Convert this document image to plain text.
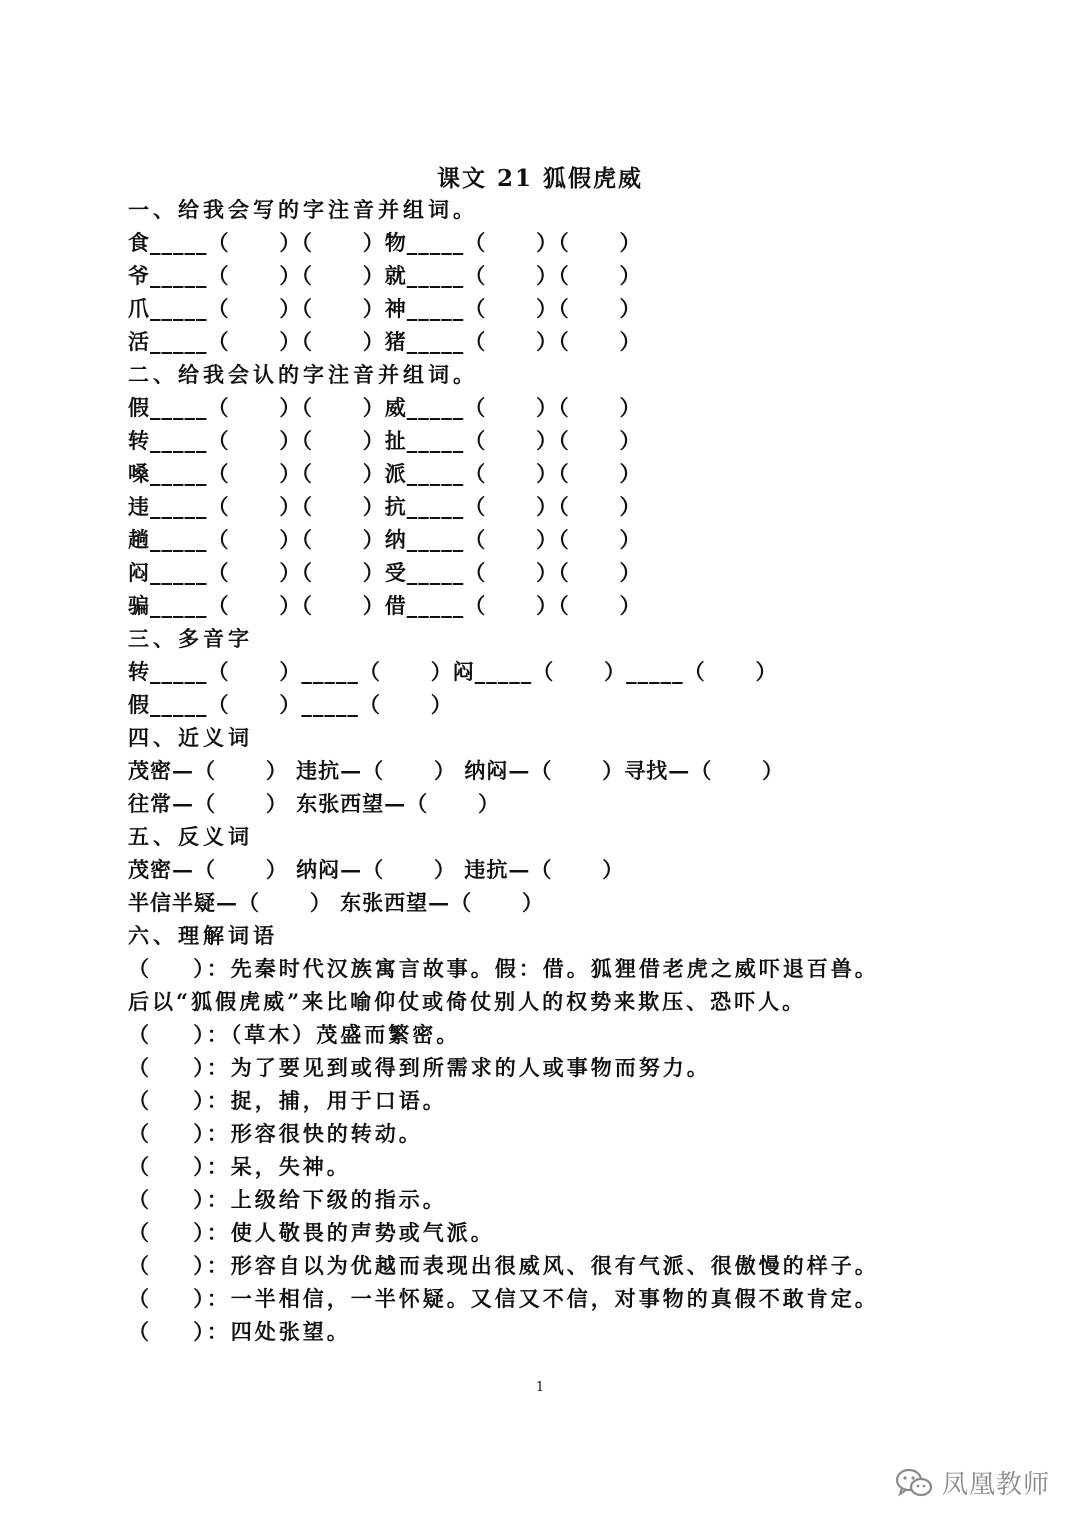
课文 21 狐假虎威
一、给我会写的字注音并组词。
食_____（      ）（      ）物_____（      ）（      ）
爷_____（      ）（      ）就_____（      ）（      ）
爪_____（      ）（      ）神_____（      ）（      ）
活_____（      ）（      ）猪_____（      ）（      ）
二、给我会认的字注音并组词。
假_____（      ）（      ）威_____（      ）（      ）
转_____（      ）（      ）扯_____（      ）（      ）
嗓_____（      ）（      ）派_____（      ）（      ）
违_____（      ）（      ）抗_____（      ）（      ）
趟_____（      ）（      ）纳_____（      ）（      ）
闷_____（      ）（      ）受_____（      ）（      ）
骗_____（      ）（      ）借_____（      ）（      ）
三、多音字
转_____（      ）_____（      ）闷_____（      ）_____（      ）
假_____（      ）_____（      ）
四、近义词
茂密—（      ） 违抗—（      ） 纳闷—（      ）寻找—（      ）
往常—（      ） 东张西望—（      ）
五、反义词
茂密—（      ） 纳闷—（      ） 违抗—（      ）
半信半疑—（      ） 东张西望—（      ）
六、理解词语
（    ）：先秦时代汉族寓言故事。假：借。狐狸借老虎之威吓退百兽。
后以“狐假虎威”来比喻仰仗或倚仗别人的权势来欺压、恐吓人。
（    ）：（草木）茂盛而繁密。
（    ）：为了要见到或得到所需求的人或事物而努力。
（    ）：捉，捕，用于口语。
（    ）：形容很快的转动。
（    ）：呆，失神。
（    ）：上级给下级的指示。
（    ）：使人敬畏的声势或气派。
（    ）：形容自以为优越而表现出很威风、很有气派、很傲慢的样子。
（    ）：一半相信，一半怀疑。又信又不信，对事物的真假不敢肯定。
（    ）：四处张望。
1
凤凰教师
